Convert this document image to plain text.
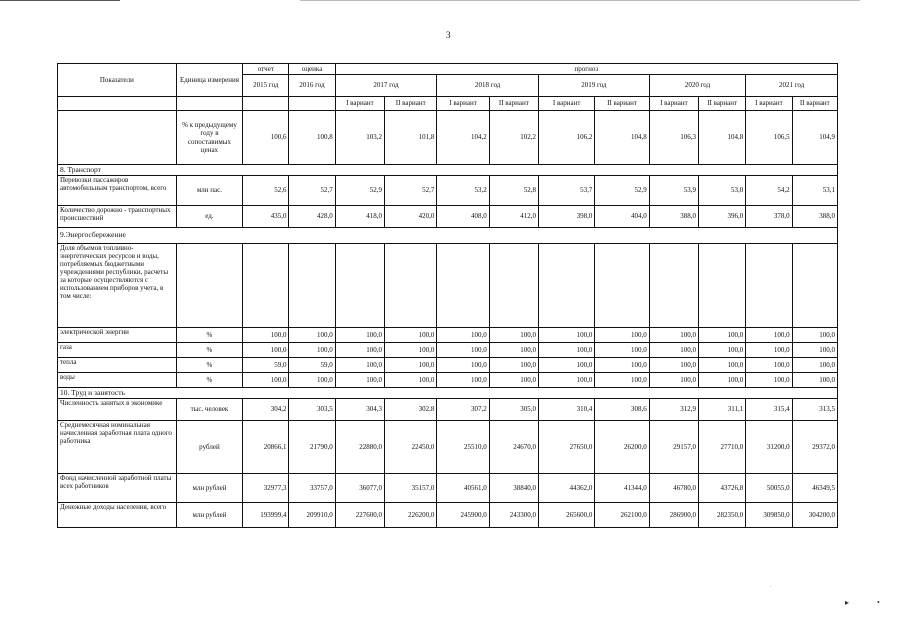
3
Показатели	Единица измерения	отчет	оценка	прогноз									
		2015 год	2016 год	2017 год		2018 год		2019 год		2020 год		2021 год	
				I вариант	II вариант	I вариант	II вариант	I вариант	II вариант	I вариант	II вариант	I вариант	II вариант
	% к предыдущему году в сопоставимых ценах	100,6	100,8	103,2	101,8	104,2	102,2	106,2	104,8	106,3	104,8	106,5	104,9
8. Транспорт													
Перевозки пассажиров автомобильным транспортом, всего	млн пас.	52,6	52,7	52,9	52,7	53,2	52,8	53,7	52,9	53,9	53,0	54,2	53,1
Количество дорожно - транспортных происшествий	ед.	435,0	428,0	418,0	420,0	408,0	412,0	398,0	404,0	388,0	396,0	378,0	388,0
9.Энергосбережение													
Доля объемов топливно-энергетических ресурсов и воды, потребляемых бюджетными учреждениями республики, расчеты за которые осуществляются с использованием приборов учета, в том числе:													
электрической энергии	%	100,0	100,0	100,0	100,0	100,0	100,0	100,0	100,0	100,0	100,0	100,0	100,0
газа	%	100,0	100,0	100,0	100,0	100,0	100,0	100,0	100,0	100,0	100,0	100,0	100,0
тепла	%	59,0	59,0	100,0	100,0	100,0	100,0	100,0	100,0	100,0	100,0	100,0	100,0
воды	%	100,0	100,0	100,0	100,0	100,0	100,0	100,0	100,0	100,0	100,0	100,0	100,0
10. Труд и занятость													
Численность занятых в экономике	тыс. человек	304,2	303,5	304,3	302,8	307,2	305,0	310,4	308,6	312,9	311,1	315,4	313,5
Среднемесячная номинальная начисленная заработная плата одного работника	рублей	20866,1	21790,0	22880,0	22450,0	25510,0	24670,0	27650,0	26200,0	29157,0	27710,0	31200,0	29372,0
Фонд начисленной заработной платы всех работников	млн рублей	32977,3	33757,0	36077,0	35157,0	40561,0	38840,0	44362,0	41344,0	46780,0	43726,8	50055,0	46349,5
Денежные доходы населения, всего	млн рублей	193999,4	209910,0	227600,0	226200,0	245900,0	243300,0	265600,0	262100,0	286900,0	282350,0	309850,0	304200,0
▸	•
·
